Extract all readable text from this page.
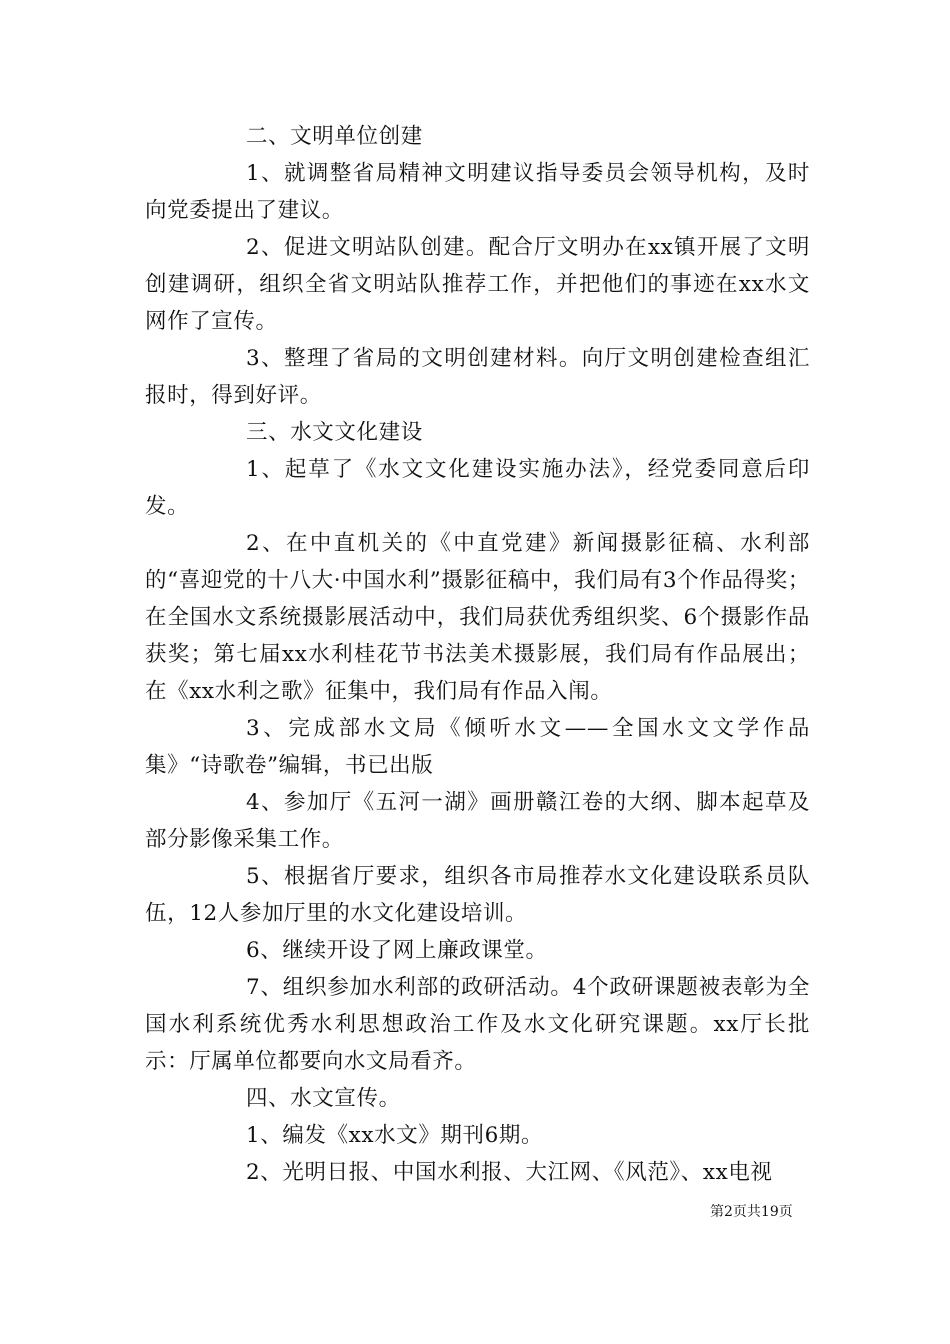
二、文明单位创建

1、就调整省局精神文明建议指导委员会领导机构，及时向党委提出了建议。

2、促进文明站队创建。配合厅文明办在xx镇开展了文明创建调研，组织全省文明站队推荐工作，并把他们的事迹在xx水文网作了宣传。

3、整理了省局的文明创建材料。向厅文明创建检查组汇报时，得到好评。

三、水文文化建设

1、起草了《水文文化建设实施办法》，经党委同意后印发。

2、在中直机关的《中直党建》新闻摄影征稿、水利部的“喜迎党的十八大·中国水利”摄影征稿中，我们局有3个作品得奖；在全国水文系统摄影展活动中，我们局获优秀组织奖、6个摄影作品获奖；第七届xx水利桂花节书法美术摄影展，我们局有作品展出；在《xx水利之歌》征集中，我们局有作品入闱。

3、完成部水文局《倾听水文——全国水文文学作品集》“诗歌卷”编辑，书已出版

4、参加厅《五河一湖》画册赣江卷的大纲、脚本起草及部分影像采集工作。

5、根据省厅要求，组织各市局推荐水文化建设联系员队伍，12人参加厅里的水文化建设培训。

6、继续开设了网上廉政课堂。

7、组织参加水利部的政研活动。4个政研课题被表彰为全国水利系统优秀水利思想政治工作及水文化研究课题。xx厅长批示：厅属单位都要向水文局看齐。

四、水文宣传。

1、编发《xx水文》期刊6期。

2、光明日报、中国水利报、大江网、《风范》、xx电视

第2页共19页
